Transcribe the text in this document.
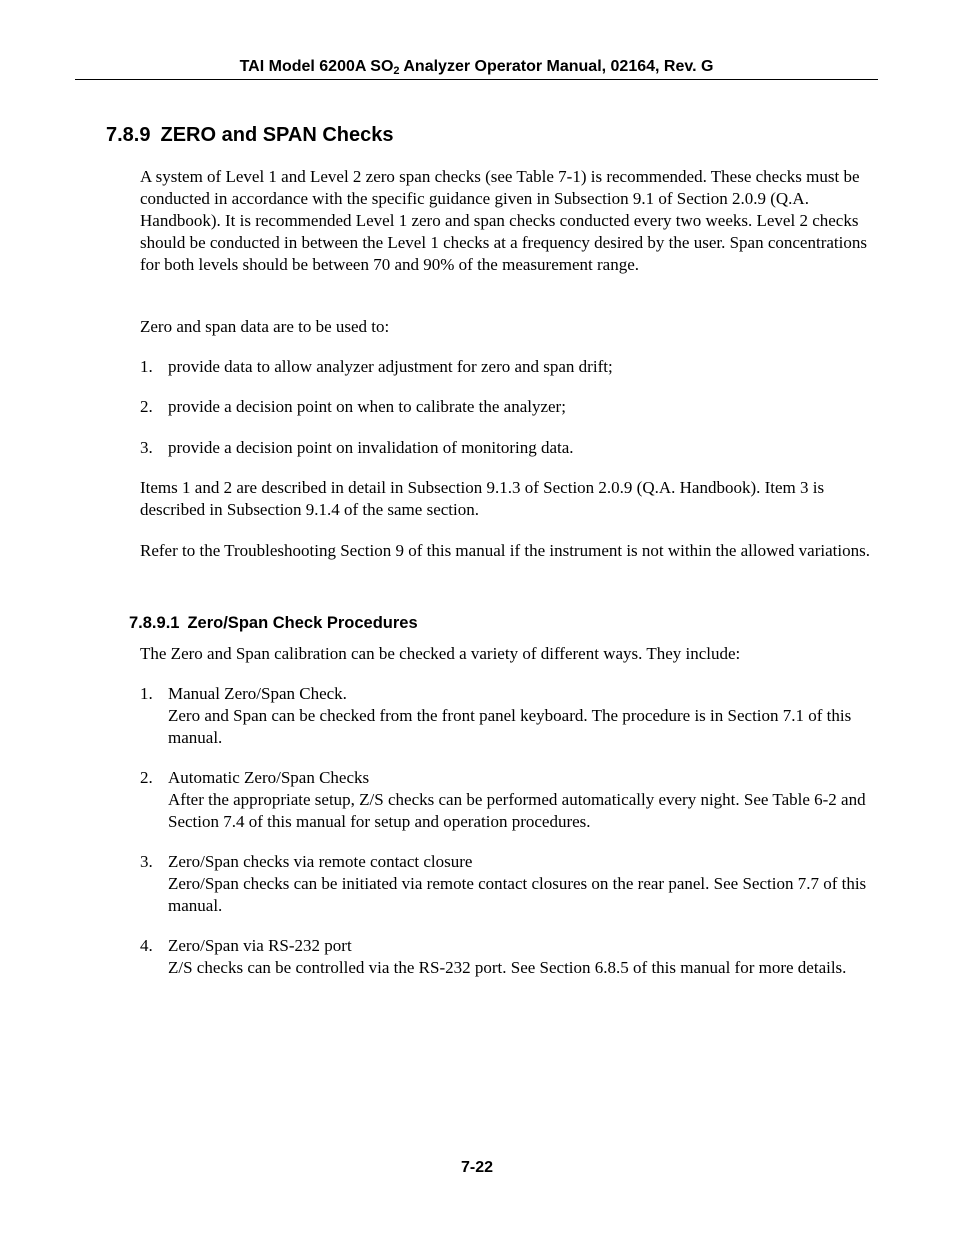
TAI Model 6200A $SO_2$ Analyzer Operator Manual, 02164, Rev. G
7.8.9 ZERO and SPAN Checks
A system of Level 1 and Level 2 zero span checks (see Table 7-1) is recommended. These checks must be conducted in accordance with the specific guidance given in Subsection 9.1 of Section 2.0.9 (Q.A. Handbook). It is recommended Level 1 zero and span checks conducted every two weeks. Level 2 checks should be conducted in between the Level 1 checks at a frequency desired by the user. Span concentrations for both levels should be between 70 and 90% of the measurement range.
Zero and span data are to be used to:
1. provide data to allow analyzer adjustment for zero and span drift;
2. provide a decision point on when to calibrate the analyzer;
3. provide a decision point on invalidation of monitoring data.
Items 1 and 2 are described in detail in Subsection 9.1.3 of Section 2.0.9 (Q.A. Handbook). Item 3 is described in Subsection 9.1.4 of the same section.
Refer to the Troubleshooting Section 9 of this manual if the instrument is not within the allowed variations.
7.8.9.1 Zero/Span Check Procedures
The Zero and Span calibration can be checked a variety of different ways. They include:
1. Manual Zero/Span Check.
Zero and Span can be checked from the front panel keyboard. The procedure is in Section 7.1 of this manual.
2. Automatic Zero/Span Checks
After the appropriate setup, Z/S checks can be performed automatically every night. See Table 6-2 and Section 7.4 of this manual for setup and operation procedures.
3. Zero/Span checks via remote contact closure
Zero/Span checks can be initiated via remote contact closures on the rear panel. See Section 7.7 of this manual.
4. Zero/Span via RS-232 port
Z/S checks can be controlled via the RS-232 port. See Section 6.8.5 of this manual for more details.
7-22
